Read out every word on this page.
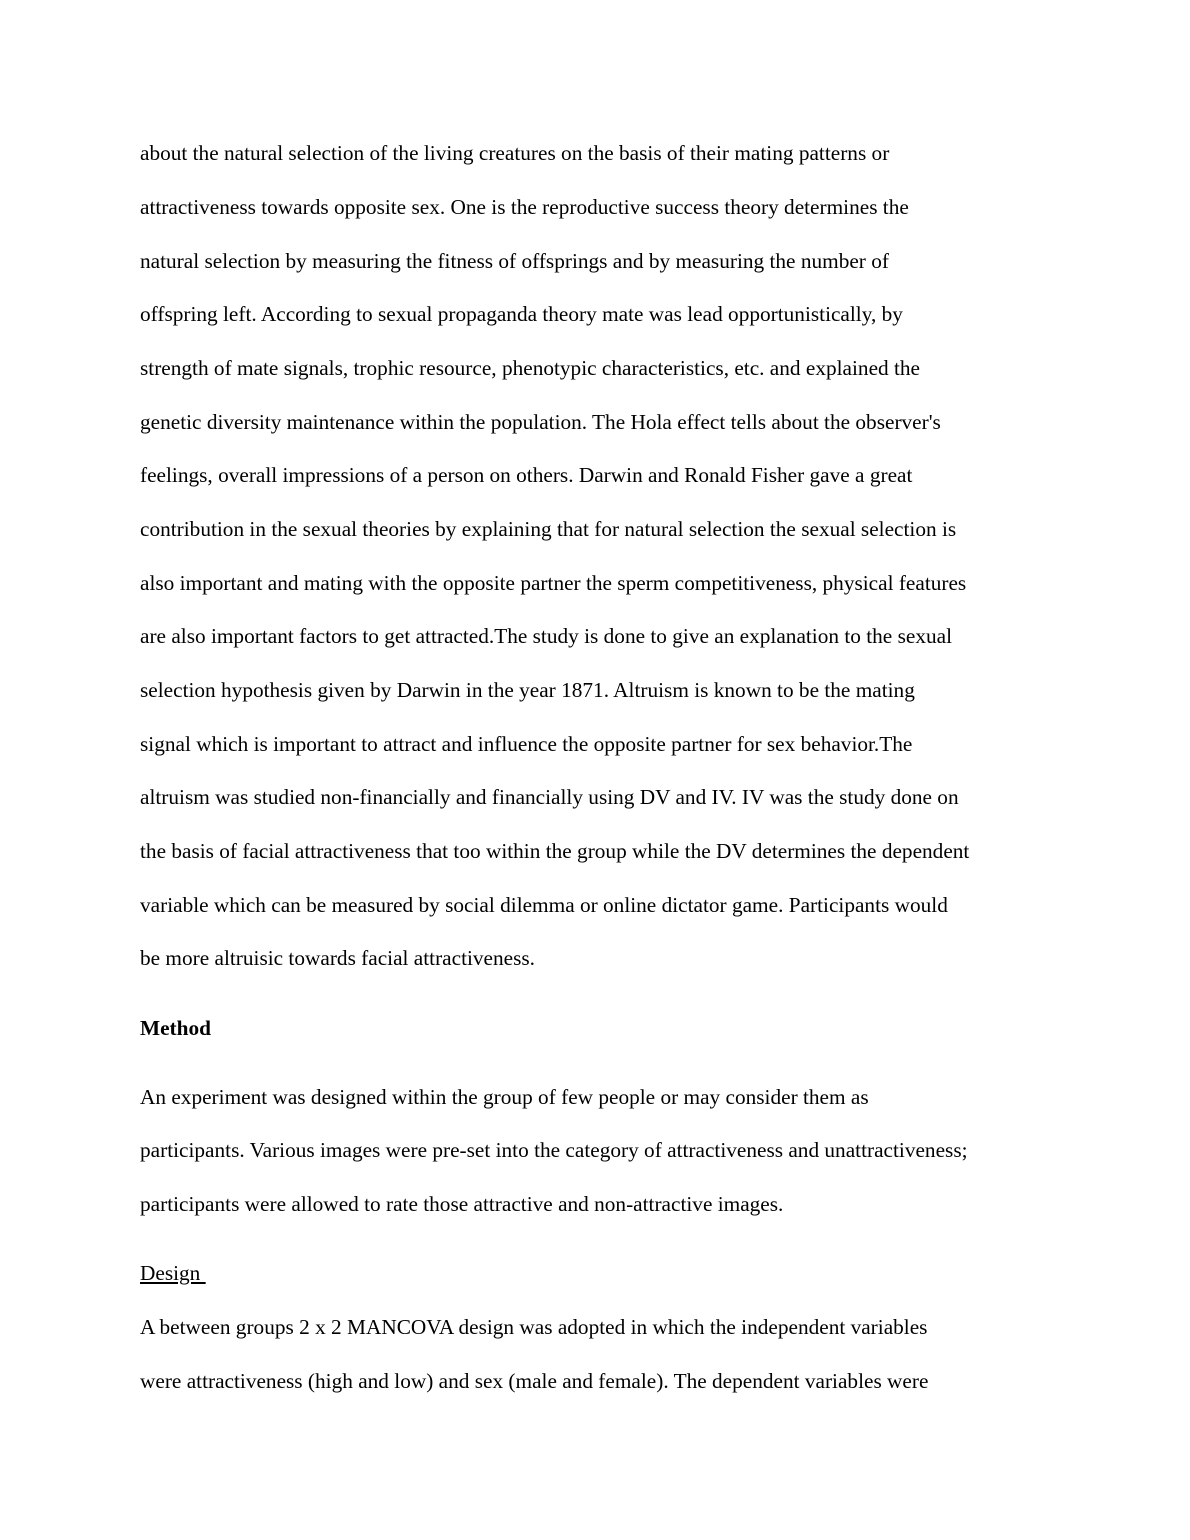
about the natural selection of the living creatures on the basis of their mating patterns or
attractiveness towards opposite sex. One is the reproductive success theory determines the
natural selection by measuring the fitness of offsprings and by measuring the number of
offspring left. According to sexual propaganda theory mate was lead opportunistically, by
strength of mate signals, trophic resource, phenotypic characteristics, etc. and explained the
genetic diversity maintenance within the population. The Hola effect tells about the observer's
feelings, overall impressions of a person on others. Darwin and Ronald Fisher gave a great
contribution in the sexual theories by explaining that for natural selection the sexual selection is
also important and mating with the opposite partner the sperm competitiveness, physical features
are also important factors to get attracted.The study is done to give an explanation to the sexual
selection hypothesis given by Darwin in the year 1871. Altruism is known to be the mating
signal which is important to attract and influence the opposite partner for sex behavior.The
altruism was studied non-financially and financially using DV and IV. IV was the study done on
the basis of facial attractiveness that too within the group while the DV determines the dependent
variable which can be measured by social dilemma or online dictator game. Participants would
be more altruisic towards facial attractiveness.
Method
An experiment was designed within the group of few people or may consider them as
participants. Various images were pre-set into the category of attractiveness and unattractiveness;
participants were allowed to rate those attractive and non-attractive images.
Design
A between groups 2 x 2 MANCOVA design was adopted in which the independent variables
were attractiveness (high and low) and sex (male and female). The dependent variables were
